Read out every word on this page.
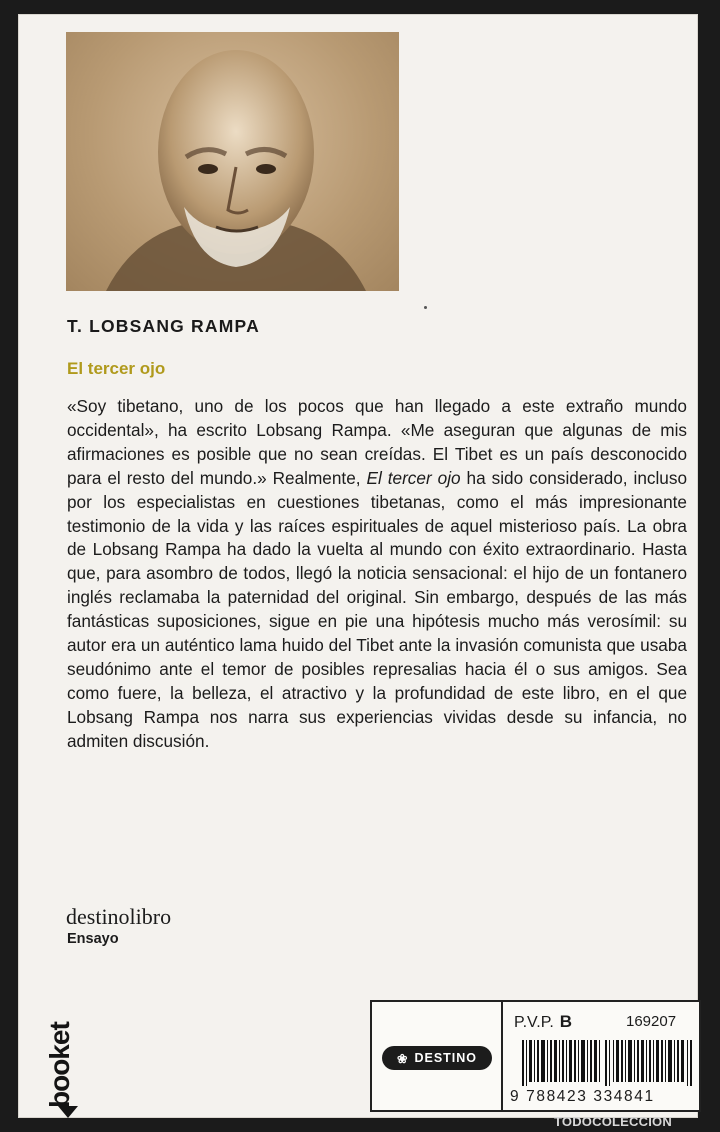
T. LOBSANG RAMPA
El tercer ojo
«Soy tibetano, uno de los pocos que han llegado a este extraño mundo occidental», ha escrito Lobsang Rampa. «Me aseguran que algunas de mis afirmaciones es posible que no sean creídas. El Tibet es un país desconocido para el resto del mundo.» Realmente, El tercer ojo ha sido considerado, incluso por los especialistas en cuestiones tibetanas, como el más impresionante testimonio de la vida y las raíces espirituales de aquel misterioso país. La obra de Lobsang Rampa ha dado la vuelta al mundo con éxito extraordinario. Hasta que, para asombro de todos, llegó la noticia sensacional: el hijo de un fontanero inglés reclamaba la paternidad del original. Sin embargo, después de las más fantásticas suposiciones, sigue en pie una hipótesis mucho más verosímil: su autor era un auténtico lama huido del Tibet ante la invasión comunista que usaba seudónimo ante el temor de posibles represalias hacia él o sus amigos. Sea como fuere, la belleza, el atractivo y la profundidad de este libro, en el que Lobsang Rampa nos narra sus experiencias vividas desde su infancia, no admiten discusión.
destinolibro
Ensayo
❀ DESTINO
P.V.P. B	169207
9 788423 334841
booket
TODOCOLECCION
